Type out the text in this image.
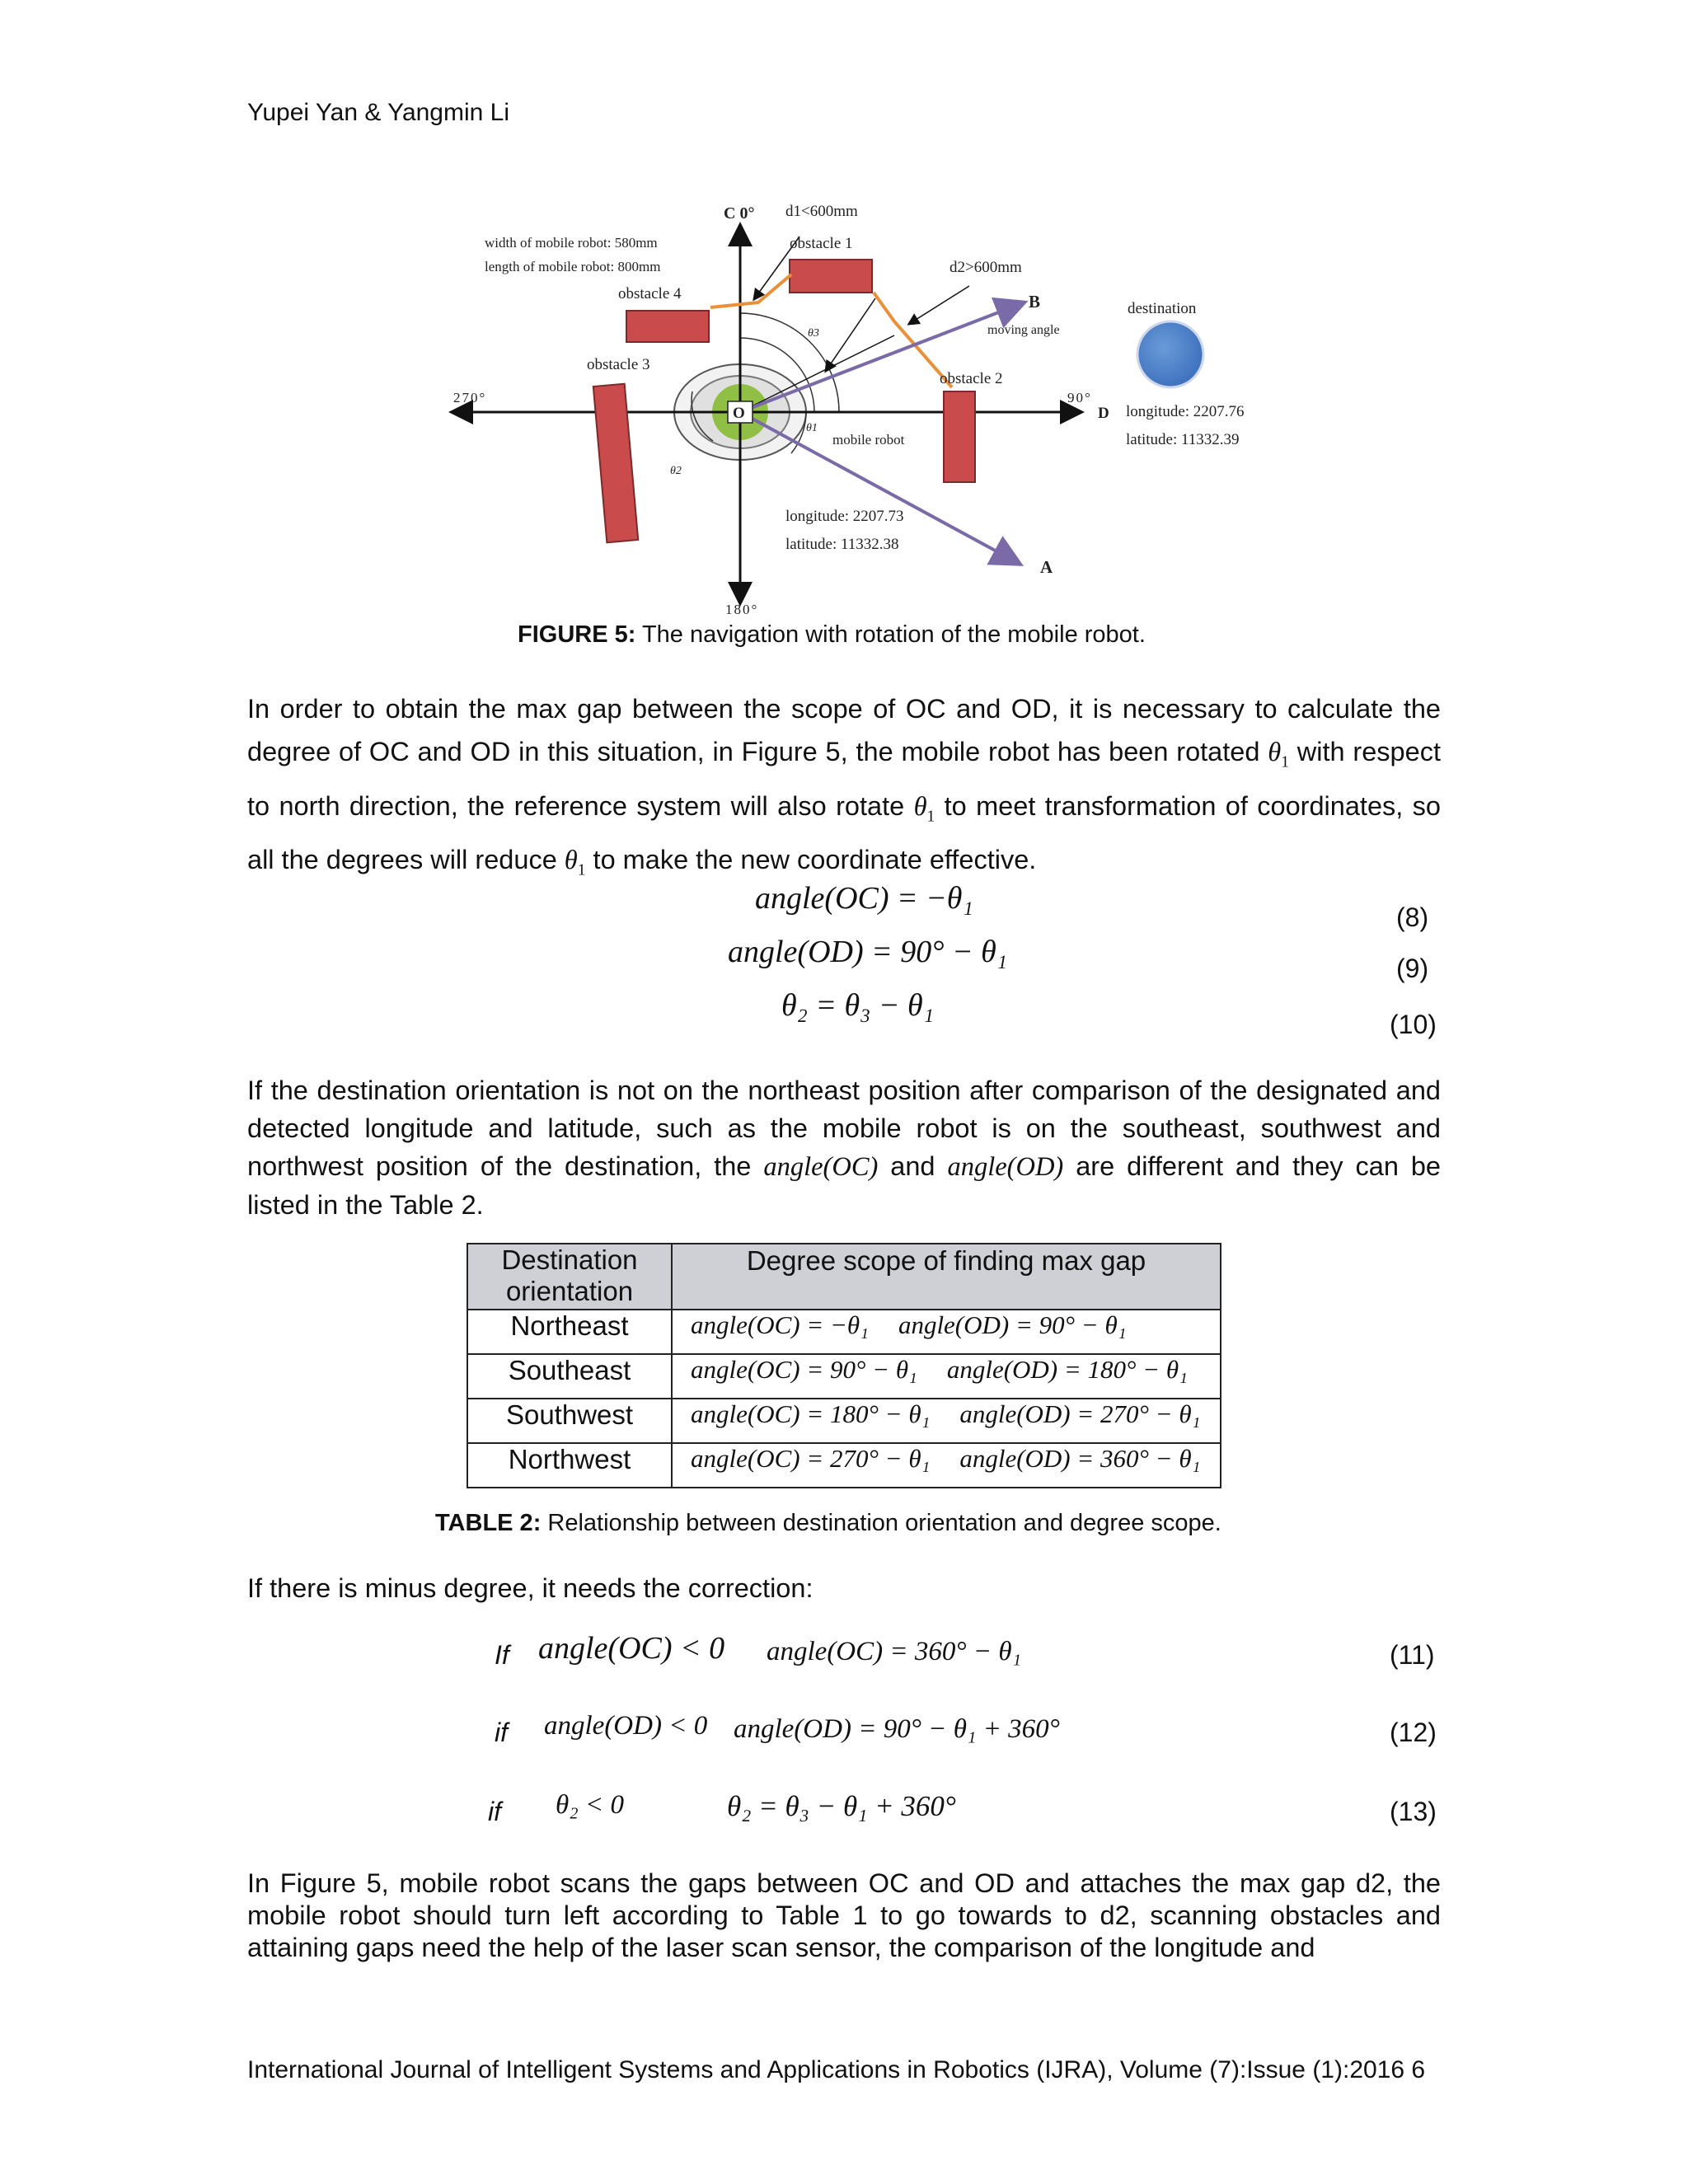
Yupei Yan & Yangmin Li
C 0° d1<600mm
width of mobile robot: 580mm
length of mobile robot: 800mm
obstacle 1
obstacle 4
d2>600mm
B
moving angle
destination
obstacle 3
obstacle 2
270°	90°
D longitude: 2207.76
latitude: 11332.39
O
θ3
θ1
θ2
mobile robot
longitude: 2207.73
latitude: 11332.38
A
180°
FIGURE 5: The navigation with rotation of the mobile robot.

In order to obtain the max gap between the scope of OC and OD, it is necessary to calculate the degree of OC and OD in this situation, in Figure 5, the mobile robot has been rotated $\theta_1$ with respect to north direction, the reference system will also rotate $\theta_1$ to meet transformation of coordinates, so all the degrees will reduce $\theta_1$ to make the new coordinate effective.

angle(OC) = −θ₁
angle(OD) = 90° − θ₁
θ₂ = θ₃ − θ₁
(8)
(9)
(10)

If the destination orientation is not on the northeast position after comparison of the designated and detected longitude and latitude, such as the mobile robot is on the southeast, southwest and northwest position of the destination, the angle(OC) and angle(OD) are different and they can be listed in the Table 2.

Destination orientation	Degree scope of finding max gap
Northeast	angle(OC) = −θ₁ angle(OD) = 90° − θ₁
Southeast	angle(OC) = 90° − θ₁ angle(OD) = 180° − θ₁
Southwest	angle(OC) = 180° − θ₁ angle(OD) = 270° − θ₁
Northwest	angle(OC) = 270° − θ₁ angle(OD) = 360° − θ₁
TABLE 2: Relationship between destination orientation and degree scope.
If there is minus degree, it needs the correction:
If angle(OC) < 0 angle(OC) = 360° − θ₁	(11)
if angle(OD) < 0 angle(OD) = 90° − θ₁ + 360°	(12)
if θ₂ < 0	θ₂ = θ₃ − θ₁ + 360°	(13)
In Figure 5, mobile robot scans the gaps between OC and OD and attaches the max gap d2, the mobile robot should turn left according to Table 1 to go towards to d2, scanning obstacles and attaining gaps need the help of the laser scan sensor, the comparison of the longitude and
International Journal of Intelligent Systems and Applications in Robotics (IJRA), Volume (7):Issue (1):2016 6
